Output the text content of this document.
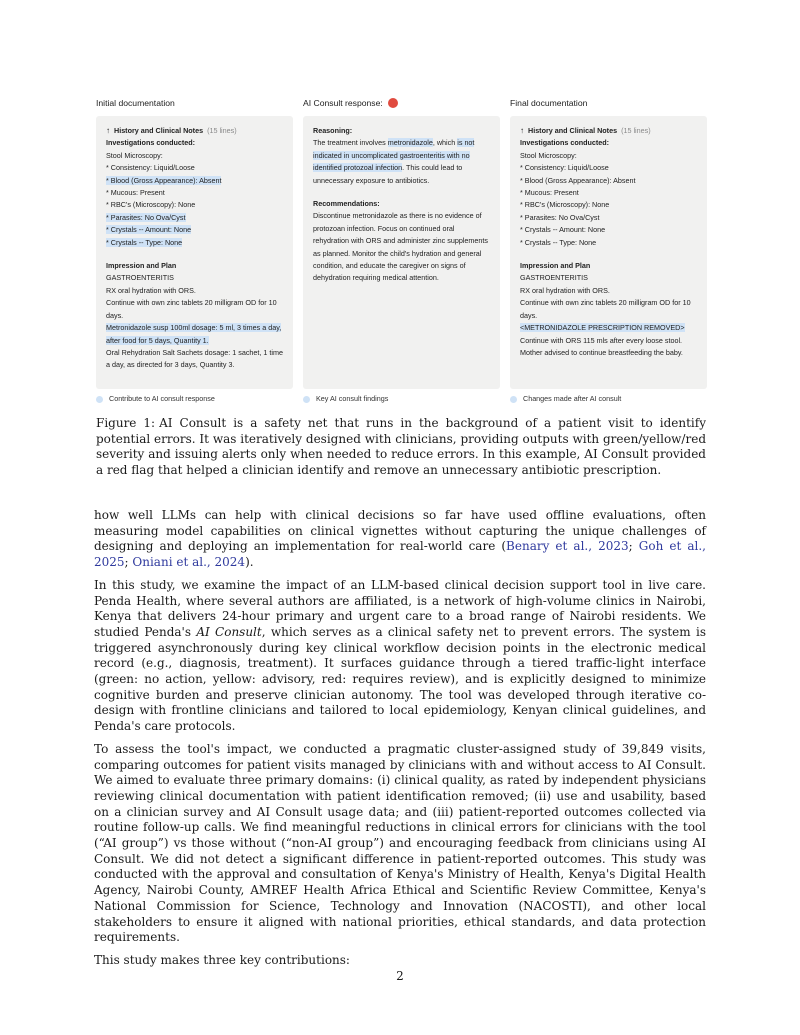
Initial documentation
↑ History and Clinical Notes (15 lines)
Investigations conducted:
Stool Microscopy:
* Consistency: Liquid/Loose
* Blood (Gross Appearance): Absent
* Mucous: Present
* RBC's (Microscopy): None
* Parasites: No Ova/Cyst
* Crystals -- Amount: None
* Crystals -- Type: None
Impression and Plan
GASTROENTERITIS
RX oral hydration with ORS.
Continue with own zinc tablets 20 milligram OD for 10 days.
Metronidazole susp 100ml dosage: 5 ml, 3 times a day, after food for 5 days, Quantity 1.
Oral Rehydration Salt Sachets dosage: 1 sachet, 1 time a day, as directed for 3 days, Quantity 3.
Contribute to AI consult response
AI Consult response:
Reasoning:
The treatment involves metronidazole, which is not indicated in uncomplicated gastroenteritis with no identified protozoal infection. This could lead to unnecessary exposure to antibiotics.
Recommendations:
Discontinue metronidazole as there is no evidence of protozoan infection. Focus on continued oral rehydration with ORS and administer zinc supplements as planned. Monitor the child's hydration and general condition, and educate the caregiver on signs of dehydration requiring medical attention.
Key AI consult findings
Final documentation
↑ History and Clinical Notes (15 lines)
Investigations conducted:
Stool Microscopy:
* Consistency: Liquid/Loose
* Blood (Gross Appearance): Absent
* Mucous: Present
* RBC's (Microscopy): None
* Parasites: No Ova/Cyst
* Crystals -- Amount: None
* Crystals -- Type: None
Impression and Plan
GASTROENTERITIS
RX oral hydration with ORS.
Continue with own zinc tablets 20 milligram OD for 10 days.
<METRONIDAZOLE PRESCRIPTION REMOVED>
Continue with ORS 115 mls after every loose stool. Mother advised to continue breastfeeding the baby.
Changes made after AI consult
Figure 1: AI Consult is a safety net that runs in the background of a patient visit to identify potential errors. It was iteratively designed with clinicians, providing outputs with green/yellow/red severity and issuing alerts only when needed to reduce errors. In this example, AI Consult provided a red flag that helped a clinician identify and remove an unnecessary antibiotic prescription.

how well LLMs can help with clinical decisions so far have used offline evaluations, often measuring model capabilities on clinical vignettes without capturing the unique challenges of designing and deploying an implementation for real-world care (Benary et al., 2023; Goh et al., 2025; Oniani et al., 2024).

In this study, we examine the impact of an LLM-based clinical decision support tool in live care. Penda Health, where several authors are affiliated, is a network of high-volume clinics in Nairobi, Kenya that delivers 24-hour primary and urgent care to a broad range of Nairobi residents. We studied Penda's AI Consult, which serves as a clinical safety net to prevent errors. The system is triggered asynchronously during key clinical workflow decision points in the electronic medical record (e.g., diagnosis, treatment). It surfaces guidance through a tiered traffic-light interface (green: no action, yellow: advisory, red: requires review), and is explicitly designed to minimize cognitive burden and preserve clinician autonomy. The tool was developed through iterative co-design with frontline clinicians and tailored to local epidemiology, Kenyan clinical guidelines, and Penda's care protocols.

To assess the tool's impact, we conducted a pragmatic cluster-assigned study of 39,849 visits, comparing outcomes for patient visits managed by clinicians with and without access to AI Consult. We aimed to evaluate three primary domains: (i) clinical quality, as rated by independent physicians reviewing clinical documentation with patient identification removed; (ii) use and usability, based on a clinician survey and AI Consult usage data; and (iii) patient-reported outcomes collected via routine follow-up calls. We find meaningful reductions in clinical errors for clinicians with the tool (“AI group”) vs those without (“non-AI group”) and encouraging feedback from clinicians using AI Consult. We did not detect a significant difference in patient-reported outcomes. This study was conducted with the approval and consultation of Kenya's Ministry of Health, Kenya's Digital Health Agency, Nairobi County, AMREF Health Africa Ethical and Scientific Review Committee, Kenya's National Commission for Science, Technology and Innovation (NACOSTI), and other local stakeholders to ensure it aligned with national priorities, ethical standards, and data protection requirements.

This study makes three key contributions:

2
